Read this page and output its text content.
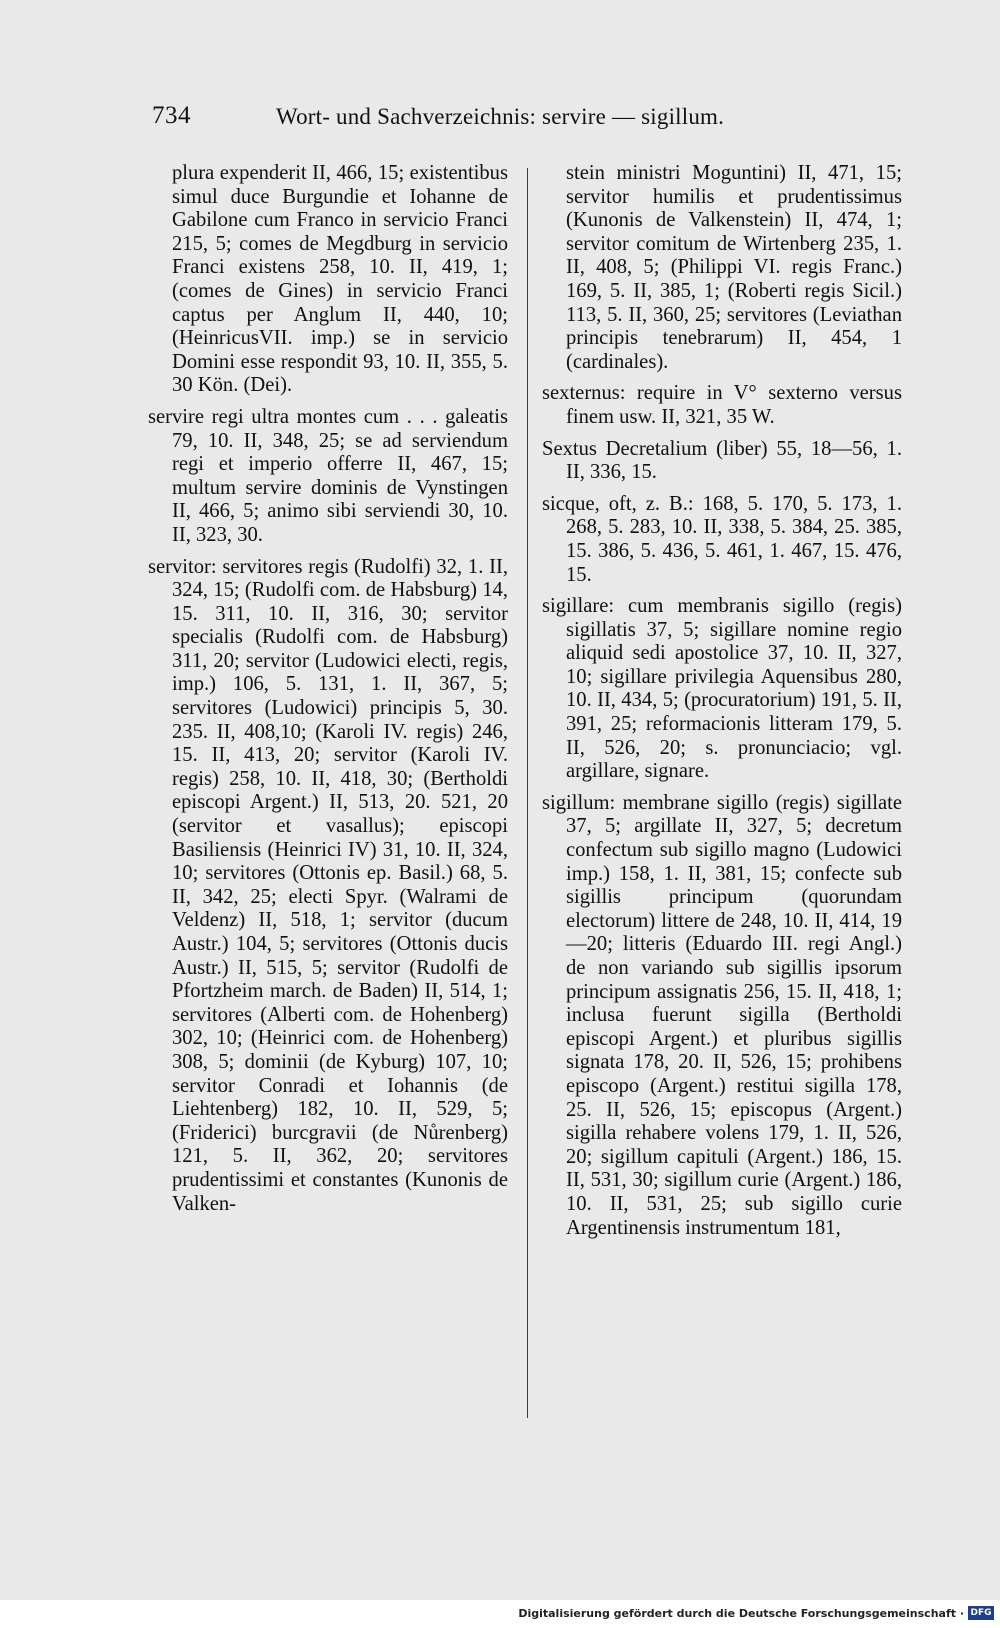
734	Wort- und Sachverzeichnis: servire — sigillum.

plura expenderit II, 466, 15; existentibus simul duce Burgundie et Iohanne de Gabilone cum Franco in servicio Franci 215, 5; comes de Megdburg in servicio Franci existens 258, 10. II, 419, 1; (comes de Gines) in servicio Franci captus per Anglum II, 440, 10; (HeinricusVII. imp.) se in servicio Domini esse respondit 93, 10. II, 355, 5. 30 Kön. (Dei).

servire regi ultra montes cum . . . galeatis 79, 10. II, 348, 25; se ad serviendum regi et imperio offerre II, 467, 15; multum servire dominis de Vynstingen II, 466, 5; animo sibi serviendi 30, 10. II, 323, 30.

servitor: servitores regis (Rudolfi) 32, 1. II, 324, 15; (Rudolfi com. de Habsburg) 14, 15. 311, 10. II, 316, 30; servitor specialis (Rudolfi com. de Habsburg) 311, 20; servitor (Ludowici electi, regis, imp.) 106, 5. 131, 1. II, 367, 5; servitores (Ludowici) principis 5, 30. 235. II, 408,10; (Karoli IV. regis) 246, 15. II, 413, 20; servitor (Karoli IV. regis) 258, 10. II, 418, 30; (Bertholdi episcopi Argent.) II, 513, 20. 521, 20 (servitor et vasallus); episcopi Basiliensis (Heinrici IV) 31, 10. II, 324, 10; servitores (Ottonis ep. Basil.) 68, 5. II, 342, 25; electi Spyr. (Walrami de Veldenz) II, 518, 1; servitor (ducum Austr.) 104, 5; servitores (Ottonis ducis Austr.) II, 515, 5; servitor (Rudolfi de Pfortzheim march. de Baden) II, 514, 1; servitores (Alberti com. de Hohenberg) 302, 10; (Heinrici com. de Hohenberg) 308, 5; dominii (de Kyburg) 107, 10; servitor Conradi et Iohannis (de Liehtenberg) 182, 10. II, 529, 5; (Friderici) burcgravii (de Nůrenberg) 121, 5. II, 362, 20; servitores prudentissimi et constantes (Kunonis de Valken-

stein ministri Moguntini) II, 471, 15; servitor humilis et prudentissimus (Kunonis de Valkenstein) II, 474, 1; servitor comitum de Wirtenberg 235, 1. II, 408, 5; (Philippi VI. regis Franc.) 169, 5. II, 385, 1; (Roberti regis Sicil.) 113, 5. II, 360, 25; servitores (Leviathan principis tenebrarum) II, 454, 1 (cardinales).

sexternus: require in V° sexterno versus finem usw. II, 321, 35 W.

Sextus Decretalium (liber) 55, 18—56, 1. II, 336, 15.

sicque, oft, z. B.: 168, 5. 170, 5. 173, 1. 268, 5. 283, 10. II, 338, 5. 384, 25. 385, 15. 386, 5. 436, 5. 461, 1. 467, 15. 476, 15.

sigillare: cum membranis sigillo (regis) sigillatis 37, 5; sigillare nomine regio aliquid sedi apostolice 37, 10. II, 327, 10; sigillare privilegia Aquensibus 280, 10. II, 434, 5; (procuratorium) 191, 5. II, 391, 25; reformacionis litteram 179, 5. II, 526, 20; s. pronunciacio; vgl. argillare, signare.

sigillum: membrane sigillo (regis) sigillate 37, 5; argillate II, 327, 5; decretum confectum sub sigillo magno (Ludowici imp.) 158, 1. II, 381, 15; confecte sub sigillis principum (quorundam electorum) littere de 248, 10. II, 414, 19—20; litteris (Eduardo III. regi Angl.) de non variando sub sigillis ipsorum principum assignatis 256, 15. II, 418, 1; inclusa fuerunt sigilla (Bertholdi episcopi Argent.) et pluribus sigillis signata 178, 20. II, 526, 15; prohibens episcopo (Argent.) restitui sigilla 178, 25. II, 526, 15; episcopus (Argent.) sigilla rehabere volens 179, 1. II, 526, 20; sigillum capituli (Argent.) 186, 15. II, 531, 30; sigillum curie (Argent.) 186, 10. II, 531, 25; sub sigillo curie Argentinensis instrumentum 181,

Digitalisierung gefördert durch die Deutsche Forschungsgemeinschaft · DFG
